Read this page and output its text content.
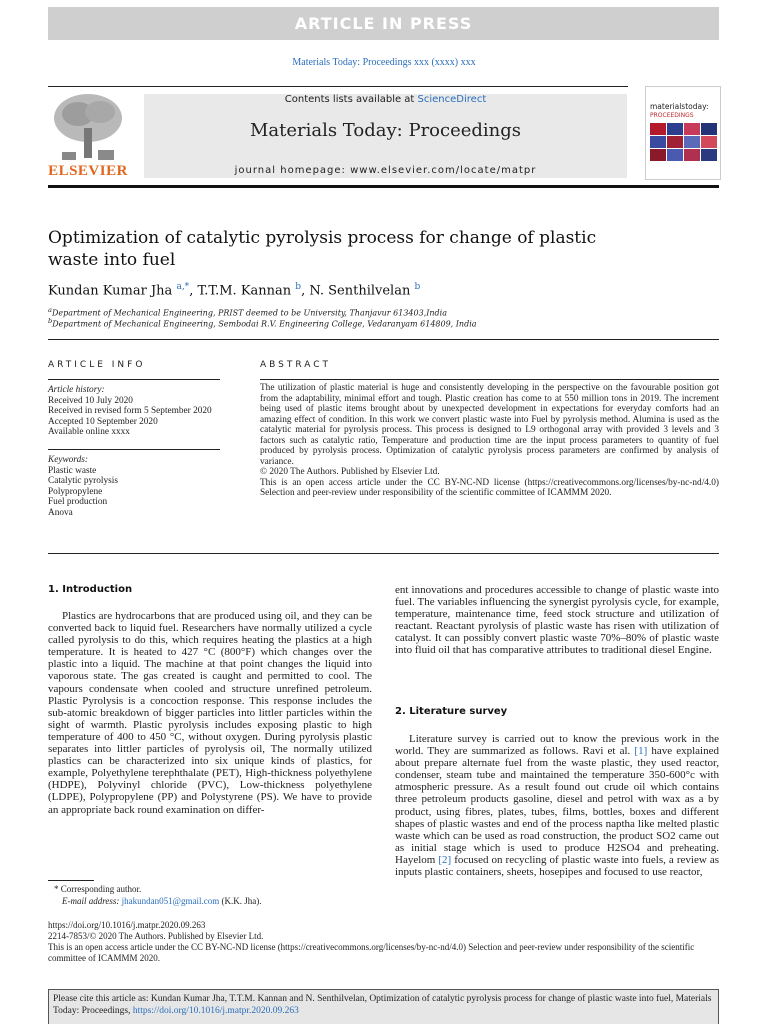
ARTICLE IN PRESS
Materials Today: Proceedings xxx (xxxx) xxx
ELSEVIER
Contents lists available at ScienceDirect
Materials Today: Proceedings
journal homepage: www.elsevier.com/locate/matpr
materialstoday:
PROCEEDINGS
Optimization of catalytic pyrolysis process for change of plastic waste into fuel
Kundan Kumar Jha $^{a,*}$, T.T.M. Kannan $^b$, N. Senthilvelan $^b$
$^a$Department of Mechanical Engineering, PRIST deemed to be University, Thanjavur 613403,India
$^b$Department of Mechanical Engineering, Sembodai R.V. Engineering College, Vedaranyam 614809, India
ARTICLE INFO
Article history:
Received 10 July 2020
Received in revised form 5 September 2020
Accepted 10 September 2020
Available online xxxx
Keywords:
Plastic waste
Catalytic pyrolysis
Polypropylene
Fuel production
Anova
ABSTRACT
The utilization of plastic material is huge and consistently developing in the perspective on the favourable position got from the adaptability, minimal effort and tough. Plastic creation has come to at 550 million tons in 2019. The increment being used of plastic items brought about by unexpected development in expectations for everyday comforts had an amazing effect of condition. In this work we convert plastic waste into Fuel by pyrolysis method. Alumina is used as the catalytic material for pyrolysis process. This process is designed to L9 orthogonal array with provided 3 levels and 3 factors such as catalytic ratio, Temperature and production time are the input process parameters to quantity of fuel produced by pyrolysis process. Optimization of catalytic pyrolysis process parameters are confirmed by analysis of variance.
© 2020 The Authors. Published by Elsevier Ltd.
This is an open access article under the CC BY-NC-ND license (https://creativecommons.org/licenses/by-nc-nd/4.0) Selection and peer-review under responsibility of the scientific committee of ICAMMM 2020.
1. Introduction
Plastics are hydrocarbons that are produced using oil, and they can be converted back to liquid fuel. Researchers have normally utilized a cycle called pyrolysis to do this, which requires heating the plastics at a high temperature. It is heated to 427 °C (800°F) which changes over the plastic into a liquid. The machine at that point changes the liquid into vaporous state. The gas created is caught and permitted to cool. The vapours condensate when cooled and structure unrefined petroleum. Plastic Pyrolysis is a concoction response. This response includes the sub-atomic breakdown of bigger particles into littler particles within the sight of warmth. Plastic pyrolysis includes exposing plastic to high temperature of 400 to 450 °C, without oxygen. During pyrolysis plastic separates into littler particles of pyrolysis oil, The normally utilized plastics can be characterized into six unique kinds of plastics, for example, Polyethylene terephthalate (PET), High-thickness polyethylene (HDPE), Polyvinyl chloride (PVC), Low-thickness polyethylene (LDPE), Polypropylene (PP) and Polystyrene (PS). We have to provide an appropriate back round examination on differ-
ent innovations and procedures accessible to change of plastic waste into fuel. The variables influencing the synergist pyrolysis cycle, for example, temperature, maintenance time, feed stock structure and utilization of reactant. Reactant pyrolysis of plastic waste has risen with utilization of catalyst. It can possibly convert plastic waste 70%–80% of plastic waste into fluid oil that has comparative attributes to traditional diesel Engine.
2. Literature survey
Literature survey is carried out to know the previous work in the world. They are summarized as follows. Ravi et al. [1] have explained about prepare alternate fuel from the waste plastic, they used reactor, condenser, steam tube and maintained the temperature 350-600°c with atmospheric pressure. As a result found out crude oil which contains three petroleum products gasoline, diesel and petrol with wax as a by product, using fibres, plates, tubes, films, bottles, boxes and different shapes of plastic wastes and end of the process naptha like melted plastic waste which can be used as road construction, the product SO2 came out as initial stage which is used to produce H2SO4 and preheating. Hayelom [2] focused on recycling of plastic waste into fuels, a review as inputs plastic containers, sheets, hosepipes and focused to use reactor,
* Corresponding author.
E-mail address: jhakundan051@gmail.com (K.K. Jha).
https://doi.org/10.1016/j.matpr.2020.09.263
2214-7853/© 2020 The Authors. Published by Elsevier Ltd.
This is an open access article under the CC BY-NC-ND license (https://creativecommons.org/licenses/by-nc-nd/4.0) Selection and peer-review under responsibility of the scientific committee of ICAMMM 2020.
Please cite this article as: Kundan Kumar Jha, T.T.M. Kannan and N. Senthilvelan, Optimization of catalytic pyrolysis process for change of plastic waste into fuel, Materials Today: Proceedings, https://doi.org/10.1016/j.matpr.2020.09.263
